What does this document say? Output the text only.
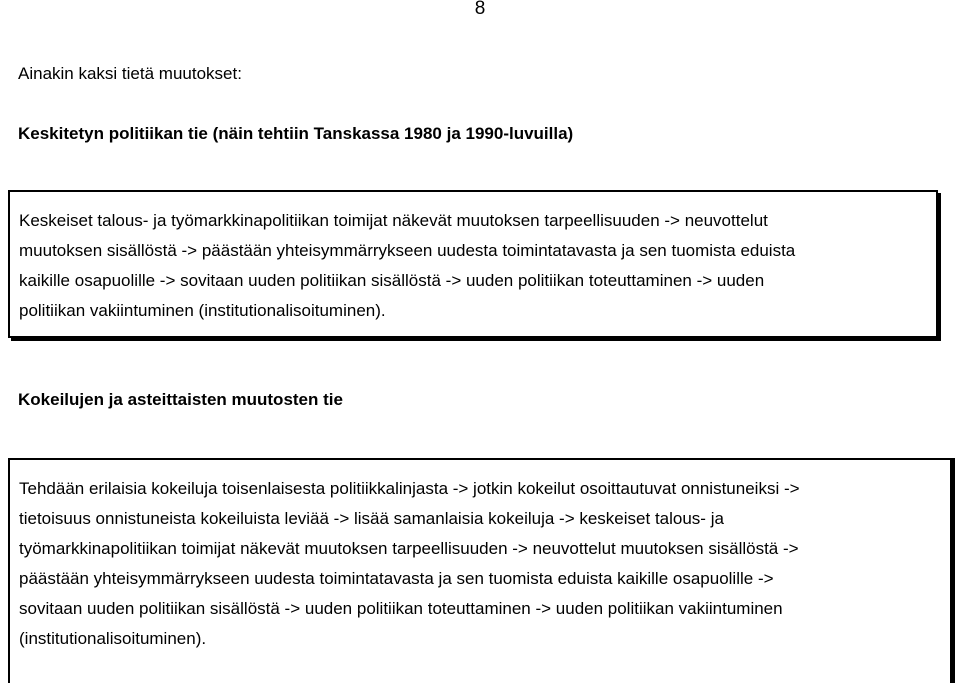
8
Ainakin kaksi tietä muutokset:
Keskitetyn politiikan tie (näin tehtiin Tanskassa 1980 ja 1990-luvuilla)
Keskeiset talous- ja työmarkkinapolitiikan toimijat näkevät muutoksen tarpeellisuuden -> neuvottelut
muutoksen sisällöstä -> päästään yhteisymmärrykseen uudesta toimintatavasta ja sen tuomista eduista
kaikille osapuolille -> sovitaan uuden politiikan sisällöstä -> uuden politiikan toteuttaminen -> uuden
politiikan vakiintuminen (institutionalisoituminen).
Kokeilujen ja asteittaisten muutosten tie
Tehdään erilaisia kokeiluja toisenlaisesta politiikkalinjasta -> jotkin kokeilut osoittautuvat onnistuneiksi ->
tietoisuus onnistuneista kokeiluista leviää -> lisää samanlaisia kokeiluja -> keskeiset talous- ja
työmarkkinapolitiikan toimijat näkevät muutoksen tarpeellisuuden -> neuvottelut muutoksen sisällöstä ->
päästään yhteisymmärrykseen uudesta toimintatavasta ja sen tuomista eduista kaikille osapuolille ->
sovitaan uuden politiikan sisällöstä -> uuden politiikan toteuttaminen -> uuden politiikan vakiintuminen
(institutionalisoituminen).
